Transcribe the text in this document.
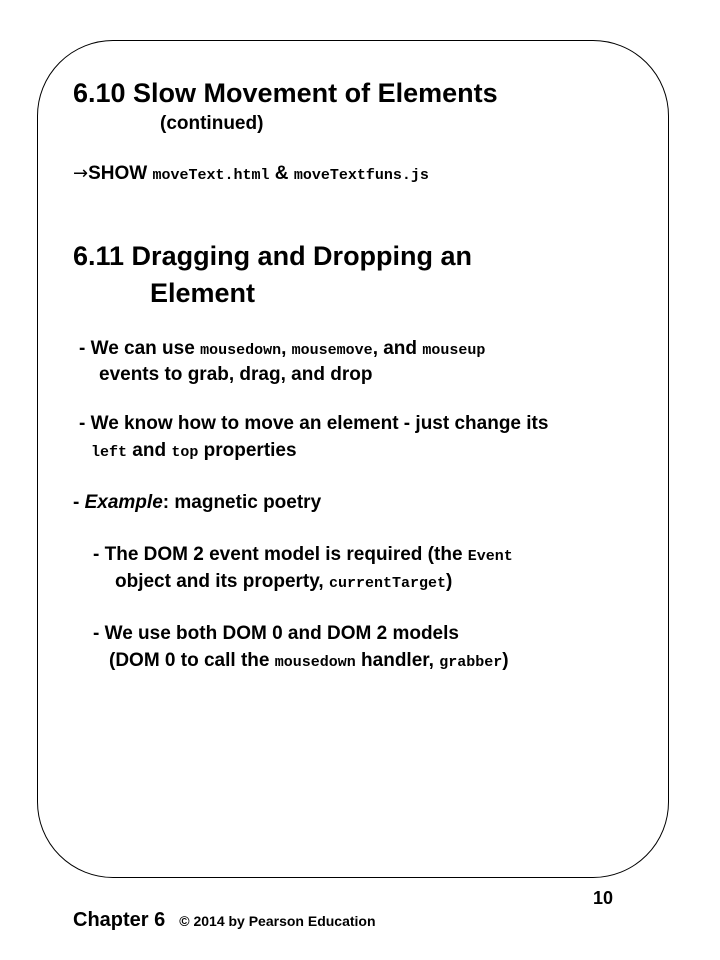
6.10 Slow Movement of Elements
(continued)
→SHOW moveText.html & moveTextfuns.js
6.11 Dragging and Dropping an
Element
- We can use mousedown, mousemove, and mouseup
events to grab, drag, and drop
- We know how to move an element - just change its
left and top properties
- Example: magnetic poetry
- The DOM 2 event model is required (the Event
object and its property, currentTarget)
- We use both DOM 0 and DOM 2 models
(DOM 0 to call the mousedown handler, grabber)
Chapter 6 © 2014 by Pearson Education
10
